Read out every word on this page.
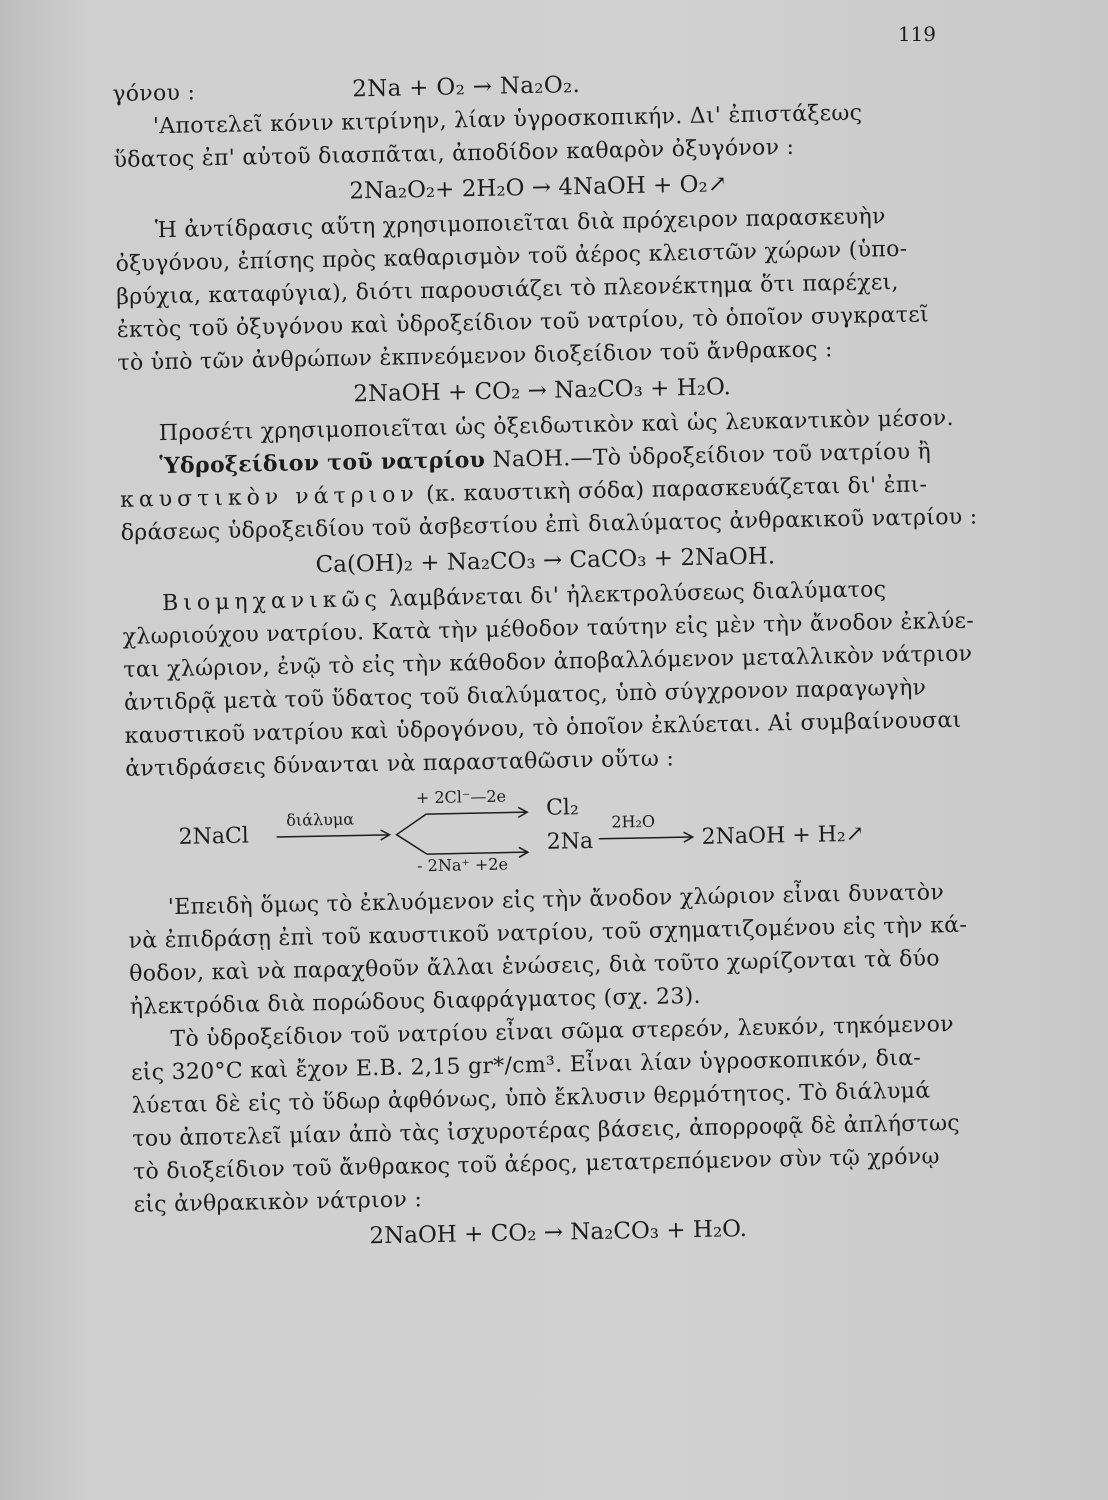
119
γόνου :	2Na + O₂ → Na₂O₂.
'Αποτελεῖ κόνιν κιτρίνην, λίαν ὑγροσκοπικήν. Δι' ἐπιστάξεως
ὕδατος ἐπ' αὐτοῦ διασπᾶται, ἀποδίδον καθαρὸν ὀξυγόνον :
2Na₂O₂+ 2H₂O → 4NaOH + O₂↗
Ἡ ἀντίδρασις αὕτη χρησιμοποιεῖται διὰ πρόχειρον παρασκευὴν
ὀξυγόνου, ἐπίσης πρὸς καθαρισμὸν τοῦ ἀέρος κλειστῶν χώρων (ὑπο-
βρύχια, καταφύγια), διότι παρουσιάζει τὸ πλεονέκτημα ὅτι παρέχει,
ἐκτὸς τοῦ ὀξυγόνου καὶ ὑδροξείδιον τοῦ νατρίου, τὸ ὁποῖον συγκρατεῖ
τὸ ὑπὸ τῶν ἀνθρώπων ἐκπνεόμενον διοξείδιον τοῦ ἄνθρακος :
2NaOH + CO₂ → Na₂CO₃ + H₂O.
Προσέτι χρησιμοποιεῖται ὡς ὀξειδωτικὸν καὶ ὡς λευκαντικὸν μέσον.
Ὑδροξείδιον τοῦ νατρίου NaOH.—Τὸ ὑδροξείδιον τοῦ νατρίου ἢ
καυστικὸν νάτριον (κ. καυστικὴ σόδα) παρασκευάζεται δι' ἐπι-
δράσεως ὑδροξειδίου τοῦ ἀσβεστίου ἐπὶ διαλύματος ἀνθρακικοῦ νατρίου :
Ca(OH)₂ + Na₂CO₃ → CaCO₃ + 2NaOH.
Βιομηχανικῶς λαμβάνεται δι' ἠλεκτρολύσεως διαλύματος
χλωριούχου νατρίου. Κατὰ τὴν μέθοδον ταύτην εἰς μὲν τὴν ἄνοδον ἐκλύε-
ται χλώριον, ἐνῷ τὸ εἰς τὴν κάθοδον ἀποβαλλόμενον μεταλλικὸν νάτριον
ἀντιδρᾷ μετὰ τοῦ ὕδατος τοῦ διαλύματος, ὑπὸ σύγχρονον παραγωγὴν
καυστικοῦ νατρίου καὶ ὑδρογόνου, τὸ ὁποῖον ἐκλύεται. Αἱ συμβαίνουσαι
ἀντιδράσεις δύνανται νὰ παρασταθῶσιν οὕτω :
2NaCl
διάλυμα
+ 2Cl⁻—2e Cl₂
- 2Na⁺ +2e
2Na
2H₂O
2NaOH + H₂↗
'Επειδὴ ὅμως τὸ ἐκλυόμενον εἰς τὴν ἄνοδον χλώριον εἶναι δυνατὸν
νὰ ἐπιδράσῃ ἐπὶ τοῦ καυστικοῦ νατρίου, τοῦ σχηματιζομένου εἰς τὴν κά-
θοδον, καὶ νὰ παραχθοῦν ἄλλαι ἑνώσεις, διὰ τοῦτο χωρίζονται τὰ δύο
ἠλεκτρόδια διὰ πορώδους διαφράγματος (σχ. 23).
Τὸ ὑδροξείδιον τοῦ νατρίου εἶναι σῶμα στερεόν, λευκόν, τηκόμενον
εἰς 320°C καὶ ἔχον Ε.Β. 2,15 gr*/cm³. Εἶναι λίαν ὑγροσκοπικόν, δια-
λύεται δὲ εἰς τὸ ὕδωρ ἀφθόνως, ὑπὸ ἔκλυσιν θερμότητος. Τὸ διάλυμά
του ἀποτελεῖ μίαν ἀπὸ τὰς ἰσχυροτέρας βάσεις, ἀπορροφᾷ δὲ ἀπλήστως
τὸ διοξείδιον τοῦ ἄνθρακος τοῦ ἀέρος, μετατρεπόμενον σὺν τῷ χρόνῳ
εἰς ἀνθρακικὸν νάτριον :
2NaOH + CO₂ → Na₂CO₃ + H₂O.
